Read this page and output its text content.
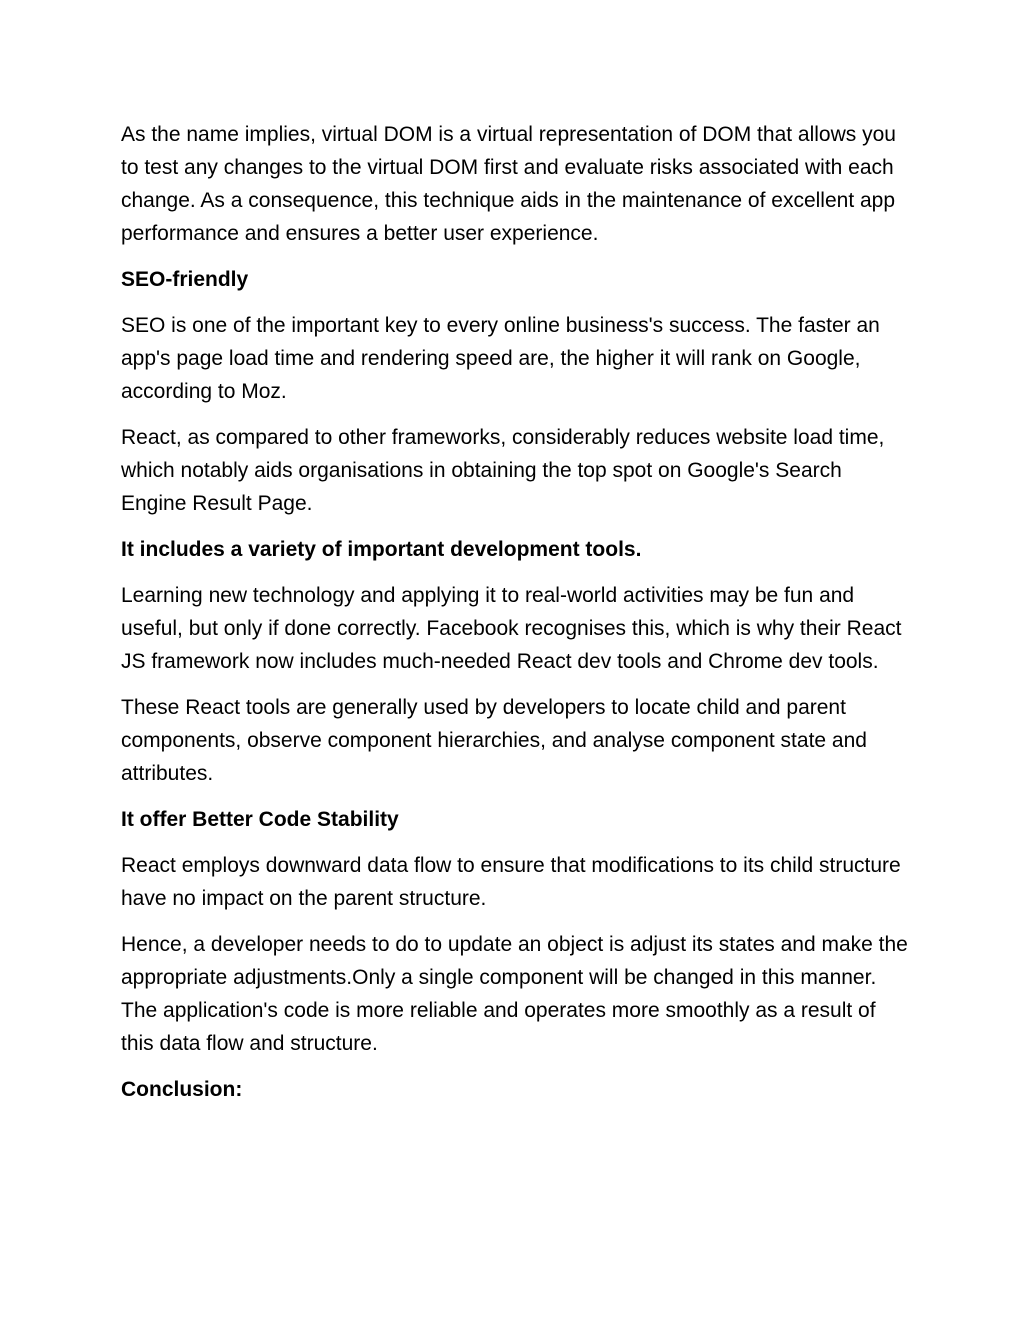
As the name implies, virtual DOM is a virtual representation of DOM that allows you to test any changes to the virtual DOM first and evaluate risks associated with each change. As a consequence, this technique aids in the maintenance of excellent app performance and ensures a better user experience.

SEO-friendly

SEO is one of the important key to every online business's success. The faster an app's page load time and rendering speed are, the higher it will rank on Google, according to Moz.

React, as compared to other frameworks, considerably reduces website load time, which notably aids organisations in obtaining the top spot on Google's Search Engine Result Page.

It includes a variety of important development tools.

Learning new technology and applying it to real-world activities may be fun and useful, but only if done correctly. Facebook recognises this, which is why their React JS framework now includes much-needed React dev tools and Chrome dev tools.

These React tools are generally used by developers to locate child and parent components, observe component hierarchies, and analyse component state and attributes.

It offer Better Code Stability

React employs downward data flow to ensure that modifications to its child structure have no impact on the parent structure.

Hence, a developer needs to do to update an object is adjust its states and make the appropriate adjustments.Only a single component will be changed in this manner. The application's code is more reliable and operates more smoothly as a result of this data flow and structure.

Conclusion:
